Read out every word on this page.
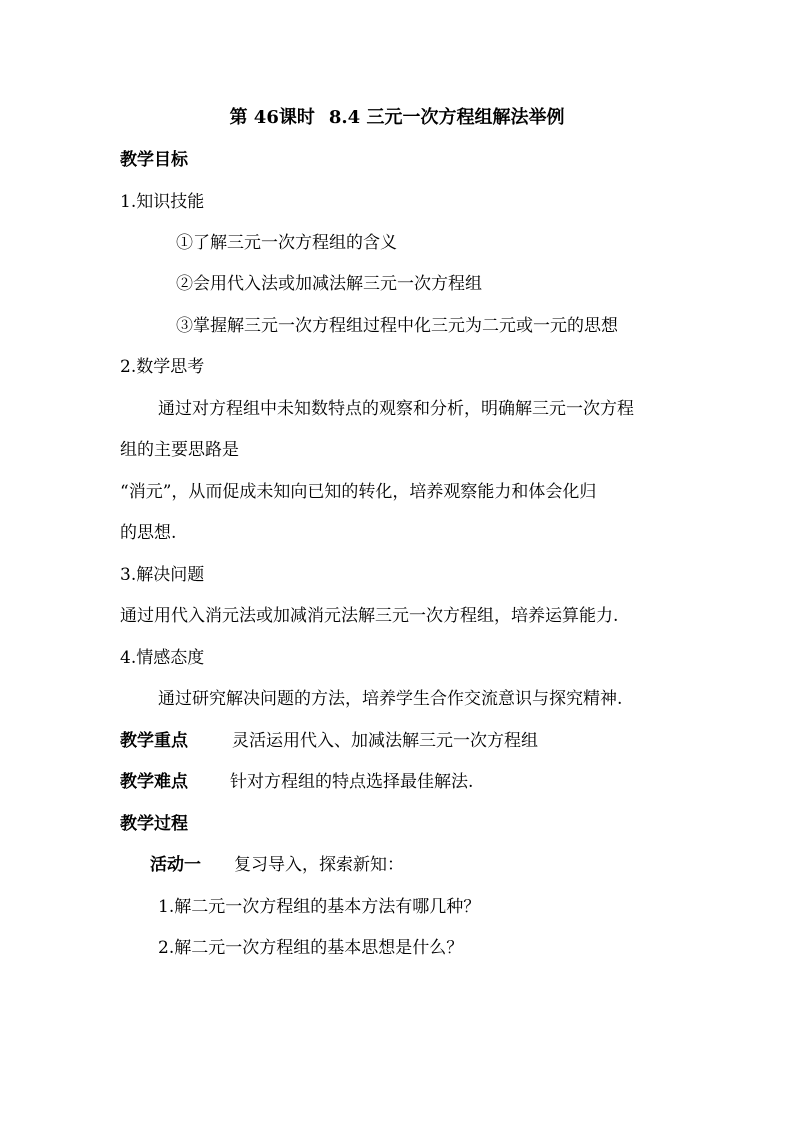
第 46课时 8.4 三元一次方程组解法举例
教学目标
1.知识技能
①了解三元一次方程组的含义
②会用代入法或加减法解三元一次方程组
③掌握解三元一次方程组过程中化三元为二元或一元的思想
2.数学思考
通过对方程组中未知数特点的观察和分析，明确解三元一次方程
组的主要思路是
“消元”，从而促成未知向已知的转化，培养观察能力和体会化归
的思想.
3.解决问题
通过用代入消元法或加减消元法解三元一次方程组，培养运算能力.
4.情感态度
通过研究解决问题的方法，培养学生合作交流意识与探究精神.
教学重点	灵活运用代入、加减法解三元一次方程组
教学难点 针对方程组的特点选择最佳解法.
教学过程
活动一 复习导入，探索新知：
1.解二元一次方程组的基本方法有哪几种？
2.解二元一次方程组的基本思想是什么？
